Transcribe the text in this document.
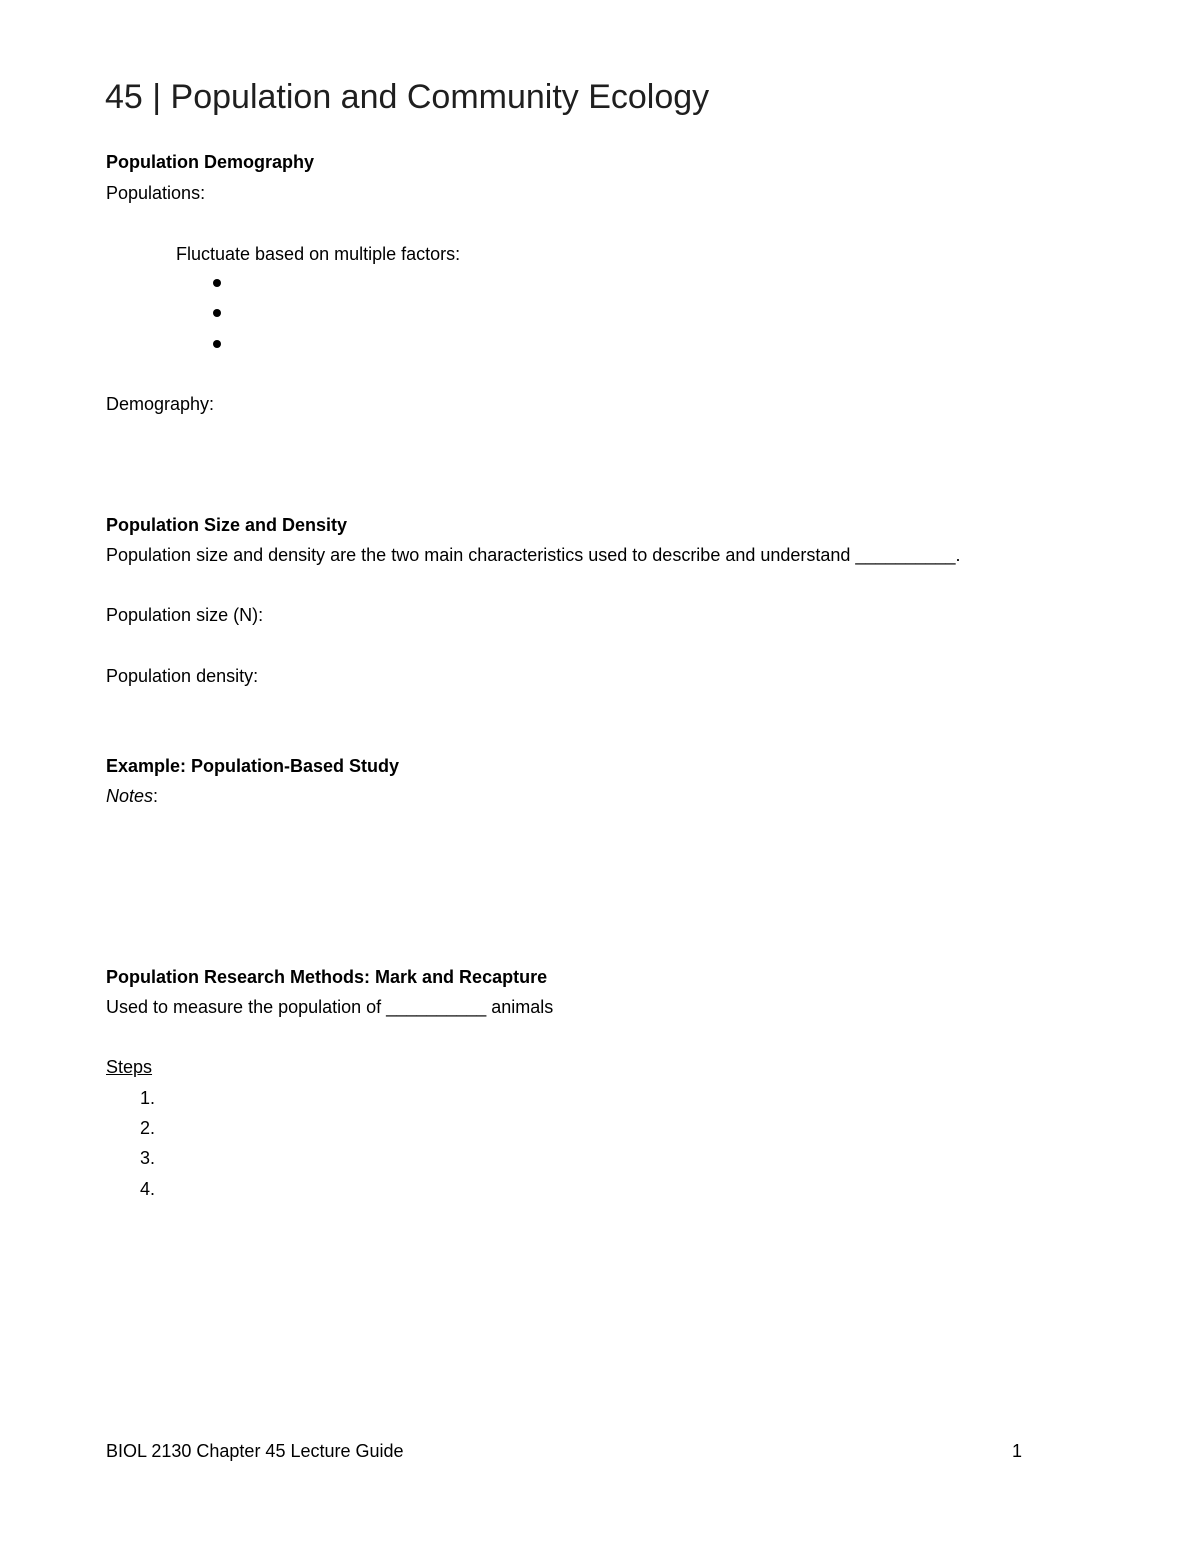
45 | Population and Community Ecology
Population Demography
Populations:
Fluctuate based on multiple factors:
Demography:
Population Size and Density
Population size and density are the two main characteristics used to describe and understand __________.
Population size (N):
Population density:
Example: Population-Based Study
Notes:
Population Research Methods: Mark and Recapture
Used to measure the population of __________ animals
Steps
1.
2.
3.
4.
BIOL 2130 Chapter 45 Lecture Guide	1
